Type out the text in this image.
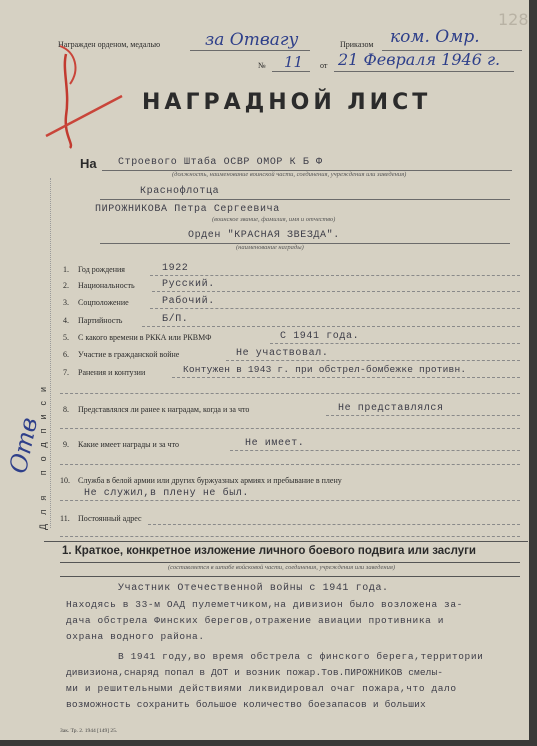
128
Награжден орденом, медалью	за Отвагу	Приказом ком. Омр.
№ 11 от 21 Февраля 1946 г.
НАГРАДНОЙ ЛИСТ
На Строевого Штаба ОСВР ОМОР К Б Ф
(должность, наименование воинской части, соединения, учреждения или заведения)
Краснофлотца
ПИРОЖНИКОВА Петра Сергеевича
(воинское звание, фамилия, имя и отчество)
Орден "КРАСНАЯ ЗВЕЗДА".
(наименование награды)
Для подписи
Отв
1. Год рождения	1922
2. Национальность	Русский.
3. Соцположение	Рабочий.
4. Партийность	Б/П.
5. С какого времени в РККА или РКВМФ	С 1941 года.
6. Участие в гражданской войне	Не участвовал.
7. Ранения и контузии	Контужен в 1943 г. при обстрел-бомбежке противн.
8. Представлялся ли ранее к наградам, когда и за что	Не представлялся
9. Какие имеет награды и за что	Не имеет.
10. Служба в белой армии или других буржуазных армиях и пребывание в плену
Не служил,в плену не был.
11. Постоянный адрес
1. Краткое, конкретное изложение личного боевого подвига или заслуги
(составляется в штабе войсковой части, соединения, учреждения или заведения)
Участник Отечественной войны с 1941 года.
Находясь в 33-м ОАД пулеметчиком,на дивизион было возложена за-
дача обстрела Финских берегов,отражение авиации противника и
охрана водного района.
В 1941 году,во время обстрела с финского берега,территории
дивизиона,снаряд попал в ДОТ и возник пожар.Тов.ПИРОЖНИКОВ смелы-
ми и решительными действиями ликвидировал очаг пожара,что дало
возможность сохранить большое количество боезапасов и больших
Зак. Тр. 2. 1944 [149] 25.
